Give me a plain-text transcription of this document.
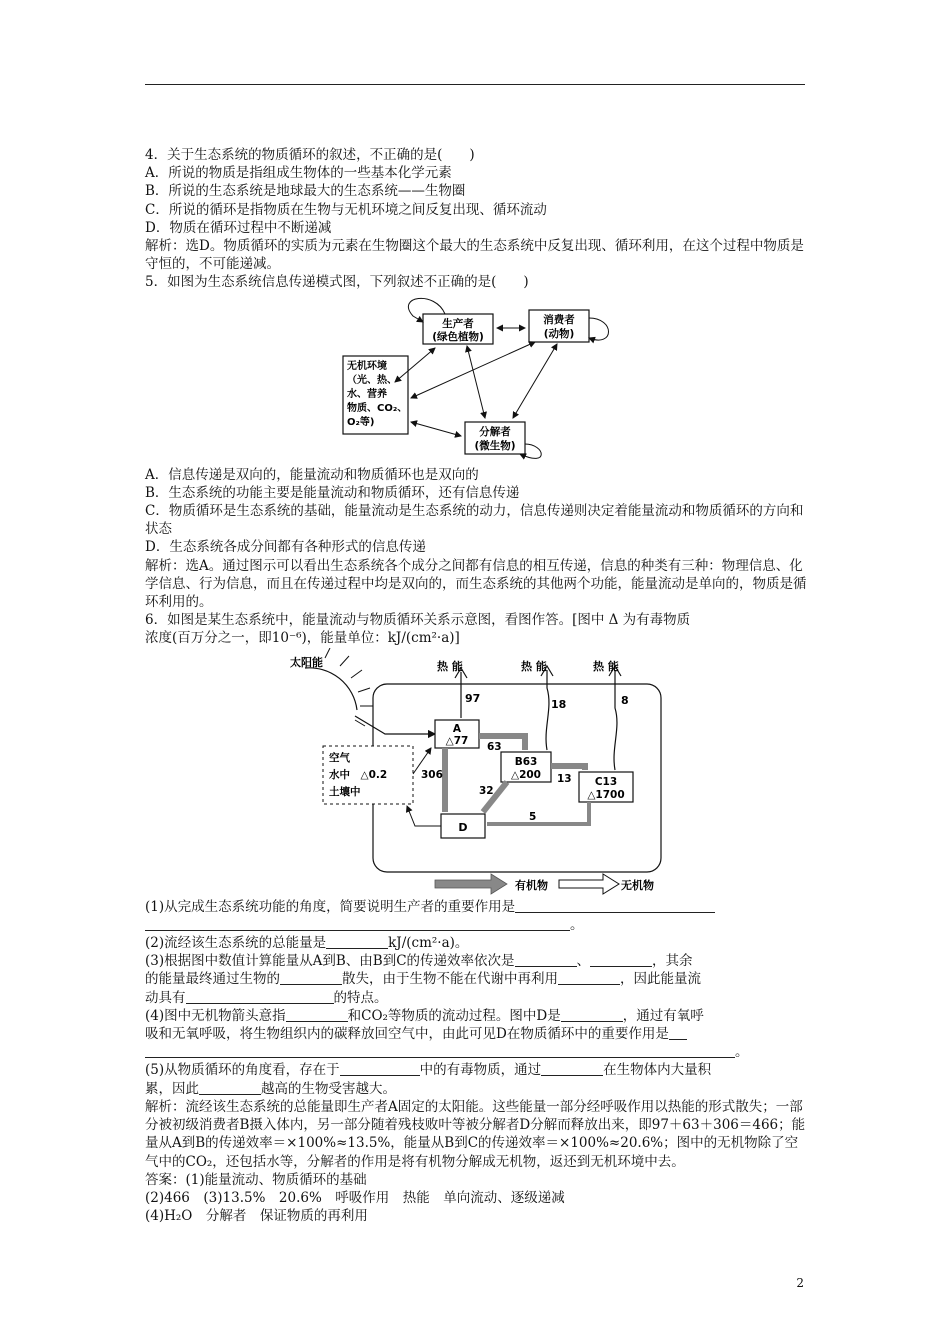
4．关于生态系统的物质循环的叙述，不正确的是(　　)
A．所说的物质是指组成生物体的一些基本化学元素
B．所说的生态系统是地球最大的生态系统——生物圈
C．所说的循环是指物质在生物与无机环境之间反复出现、循环流动
D．物质在循环过程中不断递减
解析：选D。物质循环的实质为元素在生物圈这个最大的生态系统中反复出现、循环利用，在这个过程中物质是守恒的，不可能递减。
5．如图为生态系统信息传递模式图，下列叙述不正确的是(　　)
生产者
(绿色植物)
消费者
(动物)
分解者
(微生物)
无机环境
（光、热、
水、营养
物质、CO₂、
O₂等)
A．信息传递是双向的，能量流动和物质循环也是双向的
B．生态系统的功能主要是能量流动和物质循环，还有信息传递
C．物质循环是生态系统的基础，能量流动是生态系统的动力，信息传递则决定着能量流动和物质循环的方向和状态
D．生态系统各成分间都有各种形式的信息传递
解析：选A。通过图示可以看出生态系统各个成分之间都有信息的相互传递，信息的种类有三种：物理信息、化学信息、行为信息，而且在传递过程中均是双向的，而生态系统的其他两个功能，能量流动是单向的，物质是循环利用的。
6．如图是某生态系统中，能量流动与物质循环关系示意图，看图作答。[图中 Δ 为有毒物质
浓度(百万分之一，即10⁻⁶)，能量单位：kJ/(cm²·a)]
太阳能
A
△77
B63
△200
C13
△1700
D
空气
水中　△0.2
土壤中
热 能	热 能	热 能
97	18	8
63
13
306
32
5
有机物	无机物
(1)从完成生态系统功能的角度，简要说明生产者的重要作用是
。
(2)流经该生态系统的总能量是	kJ/(cm²·a)。
(3)根据图中数值计算能量从A到B、由B到C的传递效率依次是	、	，其余
的能量最终通过生物的	散失，由于生物不能在代谢中再利用	，因此能量流
动具有	的特点。
(4)图中无机物箭头意指	和CO₂等物质的流动过程。图中D是	，通过有氧呼
吸和无氧呼吸，将生物组织内的碳释放回空气中，由此可见D在物质循环中的重要作用是
。
(5)从物质循环的角度看，存在于	中的有毒物质，通过	在生物体内大量积
累，因此	越高的生物受害越大。
解析：流经该生态系统的总能量即生产者A固定的太阳能。这些能量一部分经呼吸作用以热能的形式散失；一部分被初级消费者B摄入体内，另一部分随着残枝败叶等被分解者D分解而释放出来，即97＋63＋306＝466；能量从A到B的传递效率＝×100%≈13.5%，能量从B到C的传递效率＝×100%≈20.6%；图中的无机物除了空气中的CO₂，还包括水等，分解者的作用是将有机物分解成无机物，返还到无机环境中去。
答案：(1)能量流动、物质循环的基础
(2)466　(3)13.5%　20.6%　呼吸作用　热能　单向流动、逐级递减
(4)H₂O　分解者　保证物质的再利用
2
